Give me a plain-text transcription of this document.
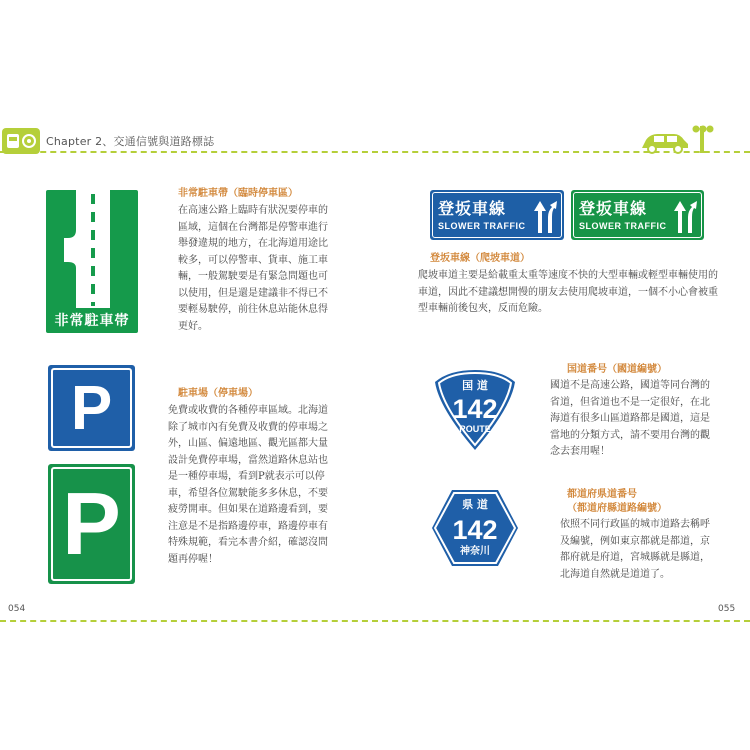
Chapter 2、交通信號與道路標誌
非常駐車帯
非常駐車帶（臨時停車區）

在高速公路上臨時有狀況要停車的區域，這個在台灣都是停警車進行舉發違規的地方，在北海道用途比較多，可以停警車、貨車、施工車輛，一般駕駛要是有緊急問題也可以使用，但是還是建議非不得已不要輕易駛停，前往休息站能休息得更好。

P
P
駐車場（停車場）

免費或收費的各種停車區域。北海道除了城市內有免費及收費的停車場之外，山區、偏遠地區、觀光區都大量設計免費停車場，當然道路休息站也是一種停車場，看到P就表示可以停車，希望各位駕駛能多多休息，不要疲勞開車。但如果在道路邊看到，要注意是不是指路邊停車，路邊停車有特殊規範，看完本書介紹，確認沒問題再停喔！

054
登坂車線
SLOWER TRAFFIC
登坂車線
SLOWER TRAFFIC
登坂車線（爬坡車道）

爬坡車道主要是給載重太重等速度不快的大型車輛或輕型車輛使用的車道，因此不建議想開慢的朋友去使用爬坡車道，一個不小心會被重型車輛前後包夾，反而危險。

国 道
142
ROUTE
国道番号（國道編號）

國道不是高速公路，國道等同台灣的省道，但省道也不是一定很好，在北海道有很多山區道路都是國道，這是當地的分類方式，請不要用台灣的觀念去套用喔！

県 道
142
神奈川
都道府県道番号
（都道府縣道路編號）

依照不同行政區的城市道路去稱呼及編號，例如東京都就是都道，京都府就是府道，宮城縣就是縣道，北海道自然就是道道了。

055
